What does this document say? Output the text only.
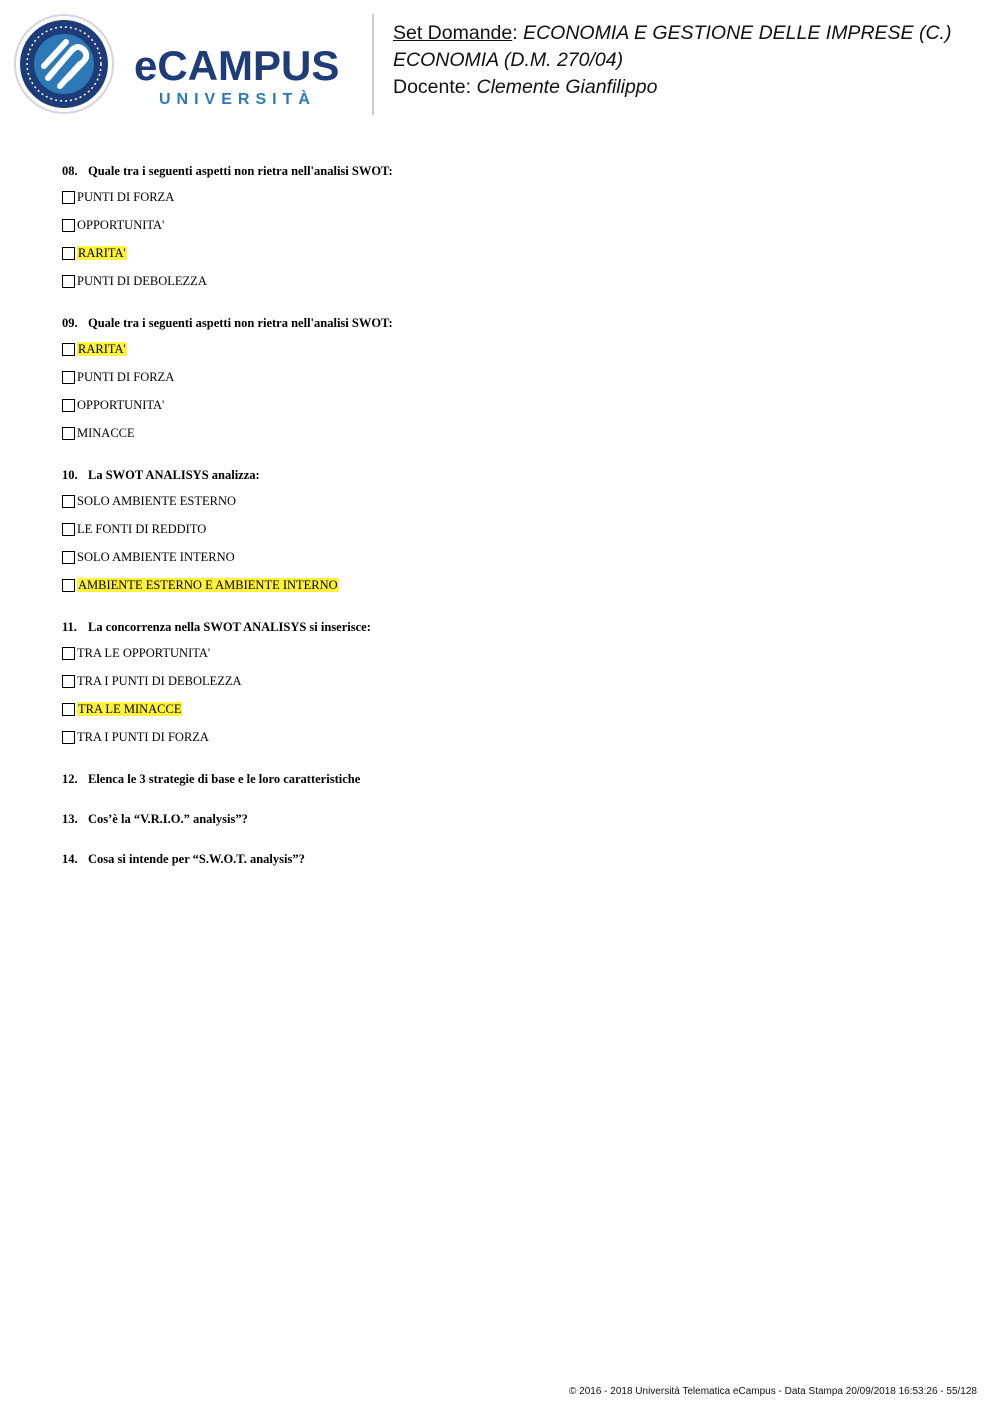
eCAMPUS
UNIVERSITÀ
Set Domande: ECONOMIA E GESTIONE DELLE IMPRESE (C.)
ECONOMIA (D.M. 270/04)
Docente: Clemente Gianfilippo
08. Quale tra i seguenti aspetti non rietra nell'analisi SWOT:
PUNTI DI FORZA
OPPORTUNITA'
RARITA'
PUNTI DI DEBOLEZZA
09. Quale tra i seguenti aspetti non rietra nell'analisi SWOT:
RARITA'
PUNTI DI FORZA
OPPORTUNITA'
MINACCE
10. La SWOT ANALISYS analizza:
SOLO AMBIENTE ESTERNO
LE FONTI DI REDDITO
SOLO AMBIENTE INTERNO
AMBIENTE ESTERNO E AMBIENTE INTERNO
11. La concorrenza nella SWOT ANALISYS si inserisce:
TRA LE OPPORTUNITA'
TRA I PUNTI DI DEBOLEZZA
TRA LE MINACCE
TRA I PUNTI DI FORZA
12. Elenca le 3 strategie di base e le loro caratteristiche
13. Cos’è la “V.R.I.O.” analysis”?
14. Cosa si intende per “S.W.O.T. analysis”?
© 2016 - 2018 Università Telematica eCampus - Data Stampa 20/09/2018 16:53:26 - 55/128
